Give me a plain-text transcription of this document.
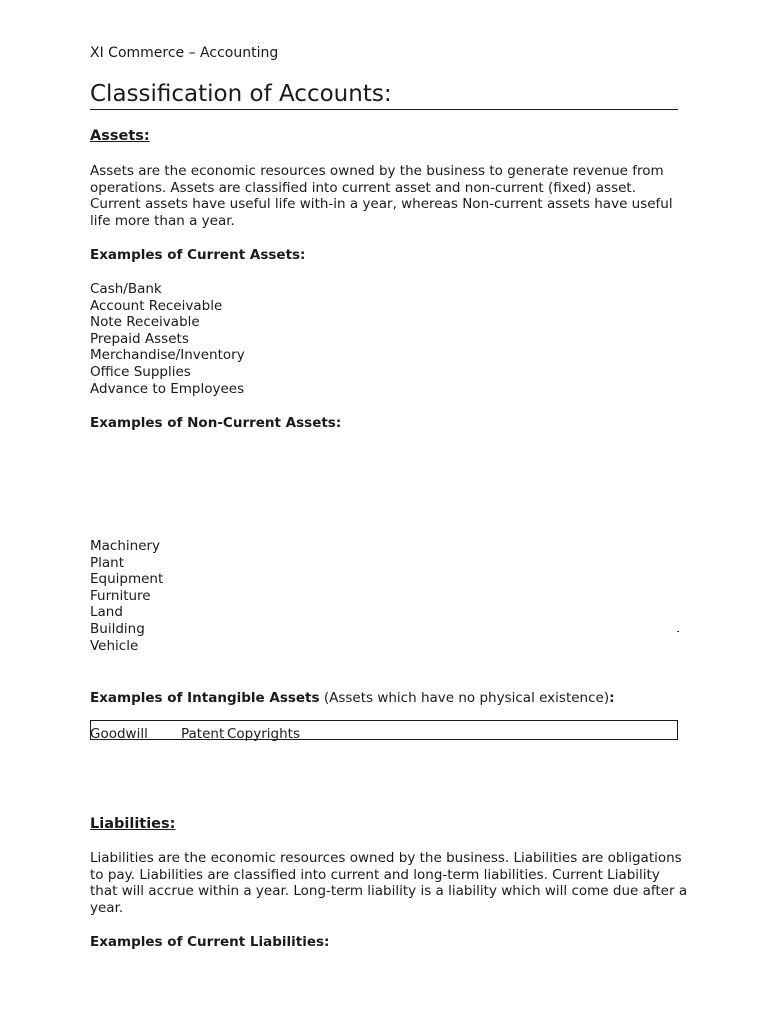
XI Commerce – Accounting
Classification of Accounts:
Assets:
Assets are the economic resources owned by the business to generate revenue from operations. Assets are classified into current asset and non-current (fixed) asset. Current assets have useful life with-in a year, whereas Non-current assets have useful life more than a year.
Examples of Current Assets:
Cash/Bank
Account Receivable
Note Receivable
Prepaid Assets
Merchandise/Inventory
Office Supplies
Advance to Employees
Examples of Non-Current Assets:
Machinery
Plant
Equipment
Furniture
Land
Building
Vehicle
Examples of Intangible Assets (Assets which have no physical existence):
Goodwill Patent Copyrights
Liabilities:
Liabilities are the economic resources owned by the business. Liabilities are obligations to pay. Liabilities are classified into current and long-term liabilities. Current Liability that will accrue within a year. Long-term liability is a liability which will come due after a year.
Examples of Current Liabilities:
